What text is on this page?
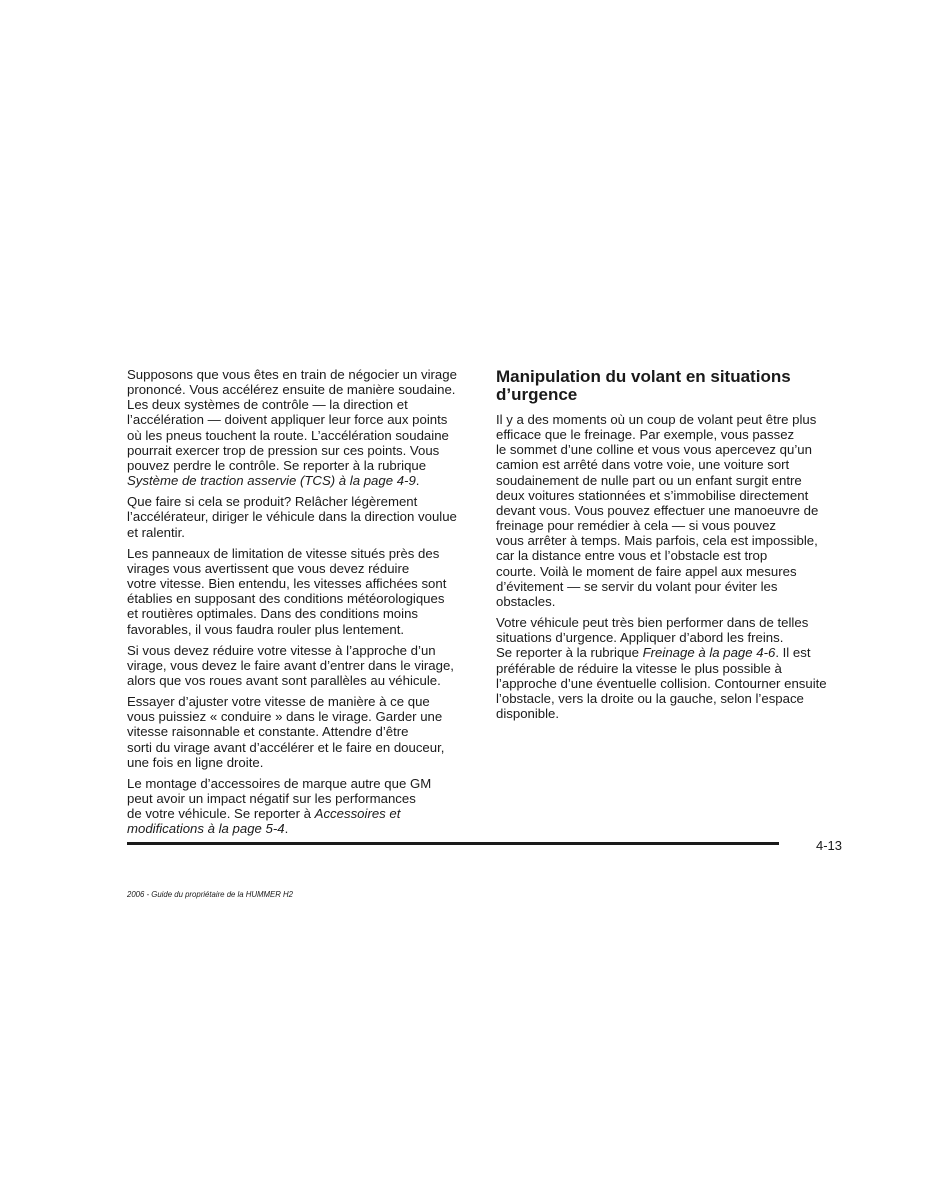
Supposons que vous êtes en train de négocier un virage
prononcé. Vous accélérez ensuite de manière soudaine.
Les deux systèmes de contrôle — la direction et
l’accélération — doivent appliquer leur force aux points
où les pneus touchent la route. L’accélération soudaine
pourrait exercer trop de pression sur ces points. Vous
pouvez perdre le contrôle. Se reporter à la rubrique
Système de traction asservie (TCS) à la page 4-9.

Que faire si cela se produit? Relâcher légèrement
l’accélérateur, diriger le véhicule dans la direction voulue
et ralentir.

Les panneaux de limitation de vitesse situés près des
virages vous avertissent que vous devez réduire
votre vitesse. Bien entendu, les vitesses affichées sont
établies en supposant des conditions météorologiques
et routières optimales. Dans des conditions moins
favorables, il vous faudra rouler plus lentement.

Si vous devez réduire votre vitesse à l’approche d’un
virage, vous devez le faire avant d’entrer dans le virage,
alors que vos roues avant sont parallèles au véhicule.

Essayer d’ajuster votre vitesse de manière à ce que
vous puissiez « conduire » dans le virage. Garder une
vitesse raisonnable et constante. Attendre d’être
sorti du virage avant d’accélérer et le faire en douceur,
une fois en ligne droite.

Le montage d’accessoires de marque autre que GM
peut avoir un impact négatif sur les performances
de votre véhicule. Se reporter à Accessoires et
modifications à la page 5-4.

Manipulation du volant en situations
d’urgence

Il y a des moments où un coup de volant peut être plus
efficace que le freinage. Par exemple, vous passez
le sommet d’une colline et vous vous apercevez qu’un
camion est arrêté dans votre voie, une voiture sort
soudainement de nulle part ou un enfant surgit entre
deux voitures stationnées et s’immobilise directement
devant vous. Vous pouvez effectuer une manoeuvre de
freinage pour remédier à cela — si vous pouvez
vous arrêter à temps. Mais parfois, cela est impossible,
car la distance entre vous et l’obstacle est trop
courte. Voilà le moment de faire appel aux mesures
d’évitement — se servir du volant pour éviter les
obstacles.

Votre véhicule peut très bien performer dans de telles
situations d’urgence. Appliquer d’abord les freins.
Se reporter à la rubrique Freinage à la page 4-6. Il est
préférable de réduire la vitesse le plus possible à
l’approche d’une éventuelle collision. Contourner ensuite
l’obstacle, vers la droite ou la gauche, selon l’espace
disponible.

4-13
2006 - Guide du propriétaire de la HUMMER H2
